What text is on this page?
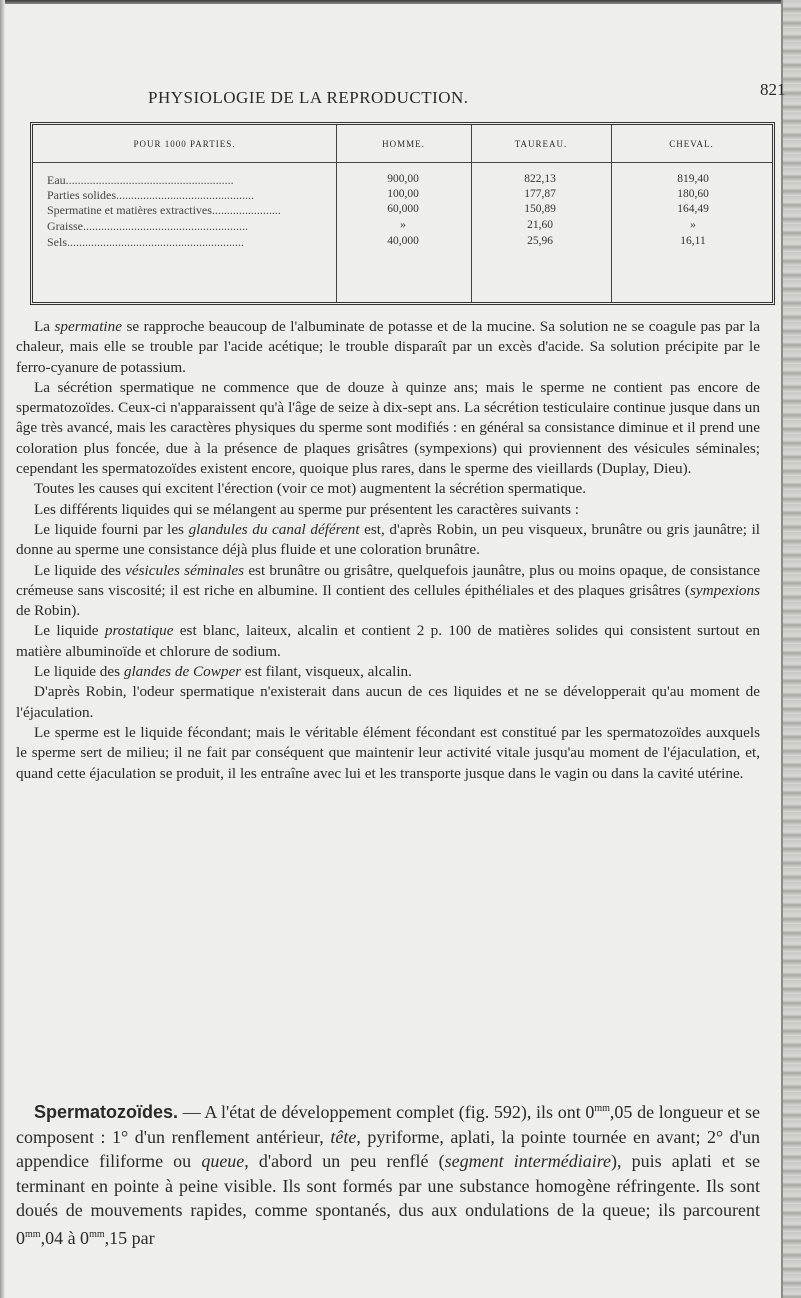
PHYSIOLOGIE DE LA REPRODUCTION.	821
POUR 1000 PARTIES.	HOMME.	TAUREAU.	CHEVAL.
Eau........................................................	900,00	822,13	819,40
Parties solides..............................................	100,00	177,87	180,60
Spermatine et matières extractives.......................	60,000	150,89	164,49
Graisse.......................................................	»	21,60	»
Sels...........................................................	40,000	25,96	16,11

La spermatine se rapproche beaucoup de l'albuminate de potasse et de la mucine. Sa solution ne se coagule pas par la chaleur, mais elle se trouble par l'acide acétique; le trouble disparaît par un excès d'acide. Sa solution précipite par le ferro-cyanure de potassium.

La sécrétion spermatique ne commence que de douze à quinze ans; mais le sperme ne contient pas encore de spermatozoïdes. Ceux-ci n'apparaissent qu'à l'âge de seize à dix-sept ans. La sécrétion testiculaire continue jusque dans un âge très avancé, mais les caractères physiques du sperme sont modifiés : en général sa consistance diminue et il prend une coloration plus foncée, due à la présence de plaques grisâtres (sympexions) qui proviennent des vésicules séminales; cependant les spermatozoïdes existent encore, quoique plus rares, dans le sperme des vieillards (Duplay, Dieu).

Toutes les causes qui excitent l'érection (voir ce mot) augmentent la sécrétion spermatique.

Les différents liquides qui se mélangent au sperme pur présentent les caractères suivants :

Le liquide fourni par les glandules du canal déférent est, d'après Robin, un peu visqueux, brunâtre ou gris jaunâtre; il donne au sperme une consistance déjà plus fluide et une coloration brunâtre.

Le liquide des vésicules séminales est brunâtre ou grisâtre, quelquefois jaunâtre, plus ou moins opaque, de consistance crémeuse sans viscosité; il est riche en albumine. Il contient des cellules épithéliales et des plaques grisâtres (sympexions de Robin).

Le liquide prostatique est blanc, laiteux, alcalin et contient 2 p. 100 de matières solides qui consistent surtout en matière albuminoïde et chlorure de sodium.

Le liquide des glandes de Cowper est filant, visqueux, alcalin.

D'après Robin, l'odeur spermatique n'existerait dans aucun de ces liquides et ne se développerait qu'au moment de l'éjaculation.

Le sperme est le liquide fécondant; mais le véritable élément fécondant est constitué par les spermatozoïdes auxquels le sperme sert de milieu; il ne fait par conséquent que maintenir leur activité vitale jusqu'au moment de l'éjaculation, et, quand cette éjaculation se produit, il les entraîne avec lui et les transporte jusque dans le vagin ou dans la cavité utérine.

Spermatozoïdes. — A l'état de développement complet (fig. 592), ils ont $0^{mm},05$ de longueur et se composent : 1° d'un renflement antérieur, tête, pyriforme, aplati, la pointe tournée en avant; 2° d'un appendice filiforme ou queue, d'abord un peu renflé (segment intermédiaire), puis aplati et se terminant en pointe à peine visible. Ils sont formés par une substance homogène réfringente. Ils sont doués de mouvements rapides, comme spontanés, dus aux ondulations de la queue; ils parcourent $0^{mm},04$ à $0^{mm},15$ par
